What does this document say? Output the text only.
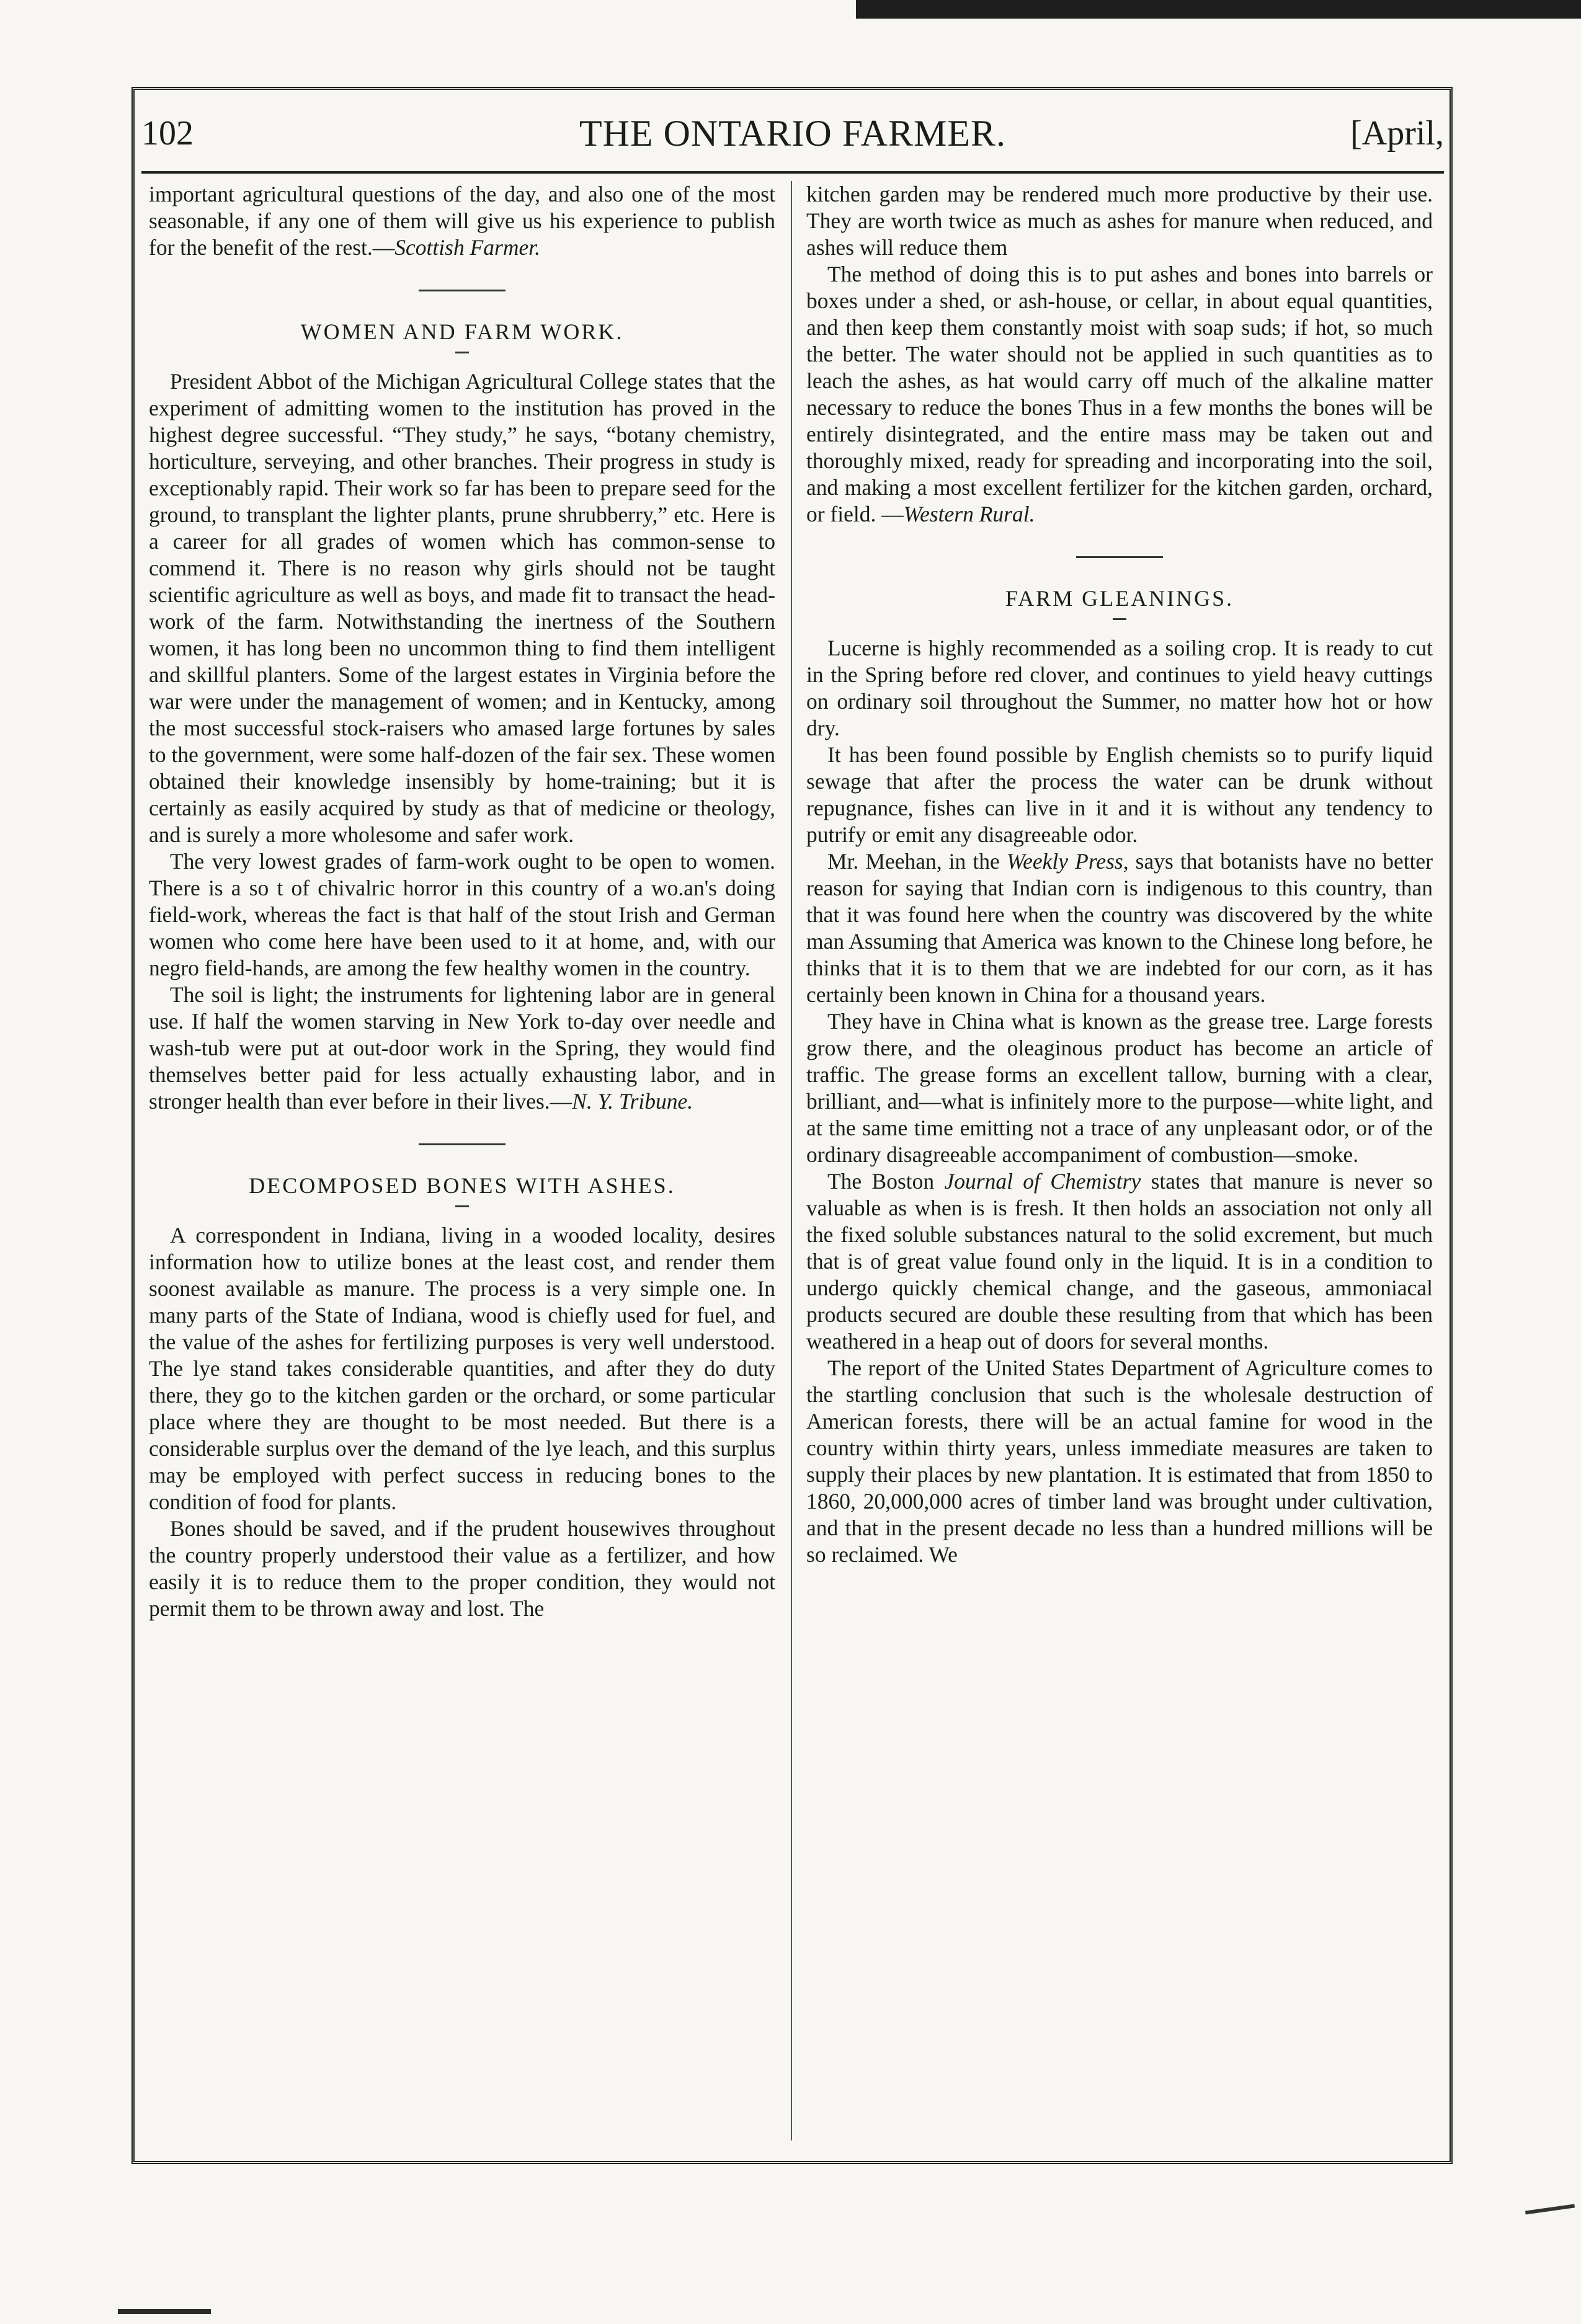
102	THE ONTARIO FARMER.	[April,

important agricultural questions of the day, and also one of the most seasonable, if any one of them will give us his experience to publish for the benefit of the rest.—Scottish Farmer.

WOMEN AND FARM WORK.

President Abbot of the Michigan Agricultural College states that the experiment of admitting women to the institution has proved in the highest degree successful. “They study,” he says, “botany chemistry, horticulture, serveying, and other branches. Their progress in study is exceptionably rapid. Their work so far has been to prepare seed for the ground, to transplant the lighter plants, prune shrubberry,” etc. Here is a career for all grades of women which has common-sense to commend it. There is no reason why girls should not be taught scientific agriculture as well as boys, and made fit to transact the head-work of the farm. Notwithstanding the inertness of the Southern women, it has long been no uncommon thing to find them intelligent and skillful planters. Some of the largest estates in Virginia before the war were under the management of women; and in Kentucky, among the most successful stock-raisers who amased large fortunes by sales to the government, were some half-dozen of the fair sex. These women obtained their knowledge insensibly by home-training; but it is certainly as easily acquired by study as that of medicine or theology, and is surely a more wholesome and safer work.

The very lowest grades of farm-work ought to be open to women. There is a so t of chivalric horror in this country of a wo.an's doing field-work, whereas the fact is that half of the stout Irish and German women who come here have been used to it at home, and, with our negro field-hands, are among the few healthy women in the country.

The soil is light; the instruments for lightening labor are in general use. If half the women starving in New York to-day over needle and wash-tub were put at out-door work in the Spring, they would find themselves better paid for less actually exhausting labor, and in stronger health than ever before in their lives.—N. Y. Tribune.

DECOMPOSED BONES WITH ASHES.

A correspondent in Indiana, living in a wooded locality, desires information how to utilize bones at the least cost, and render them soonest available as manure. The process is a very simple one. In many parts of the State of Indiana, wood is chiefly used for fuel, and the value of the ashes for fertilizing purposes is very well understood. The lye stand takes considerable quantities, and after they do duty there, they go to the kitchen garden or the orchard, or some particular place where they are thought to be most needed. But there is a considerable surplus over the demand of the lye leach, and this surplus may be employed with perfect success in reducing bones to the condition of food for plants.

Bones should be saved, and if the prudent housewives throughout the country properly understood their value as a fertilizer, and how easily it is to reduce them to the proper condition, they would not permit them to be thrown away and lost. The

kitchen garden may be rendered much more productive by their use. They are worth twice as much as ashes for manure when reduced, and ashes will reduce them

The method of doing this is to put ashes and bones into barrels or boxes under a shed, or ash-house, or cellar, in about equal quantities, and then keep them constantly moist with soap suds; if hot, so much the better. The water should not be applied in such quantities as to leach the ashes, as hat would carry off much of the alkaline matter necessary to reduce the bones Thus in a few months the bones will be entirely disintegrated, and the entire mass may be taken out and thoroughly mixed, ready for spreading and incorporating into the soil, and making a most excellent fertilizer for the kitchen garden, orchard, or field. —Western Rural.

FARM GLEANINGS.

Lucerne is highly recommended as a soiling crop. It is ready to cut in the Spring before red clover, and continues to yield heavy cuttings on ordinary soil throughout the Summer, no matter how hot or how dry.

It has been found possible by English chemists so to purify liquid sewage that after the process the water can be drunk without repugnance, fishes can live in it and it is without any tendency to putrify or emit any disagreeable odor.

Mr. Meehan, in the Weekly Press, says that botanists have no better reason for saying that Indian corn is indigenous to this country, than that it was found here when the country was discovered by the white man Assuming that America was known to the Chinese long before, he thinks that it is to them that we are indebted for our corn, as it has certainly been known in China for a thousand years.

They have in China what is known as the grease tree. Large forests grow there, and the oleaginous product has become an article of traffic. The grease forms an excellent tallow, burning with a clear, brilliant, and—what is infinitely more to the purpose—white light, and at the same time emitting not a trace of any unpleasant odor, or of the ordinary disagreeable accompaniment of combustion—smoke.

The Boston Journal of Chemistry states that manure is never so valuable as when is is fresh. It then holds an association not only all the fixed soluble substances natural to the solid excrement, but much that is of great value found only in the liquid. It is in a condition to undergo quickly chemical change, and the gaseous, ammoniacal products secured are double these resulting from that which has been weathered in a heap out of doors for several months.

The report of the United States Department of Agriculture comes to the startling conclusion that such is the wholesale destruction of American forests, there will be an actual famine for wood in the country within thirty years, unless immediate measures are taken to supply their places by new plantation. It is estimated that from 1850 to 1860, 20,000,000 acres of timber land was brought under cultivation, and that in the present decade no less than a hundred millions will be so reclaimed. We
